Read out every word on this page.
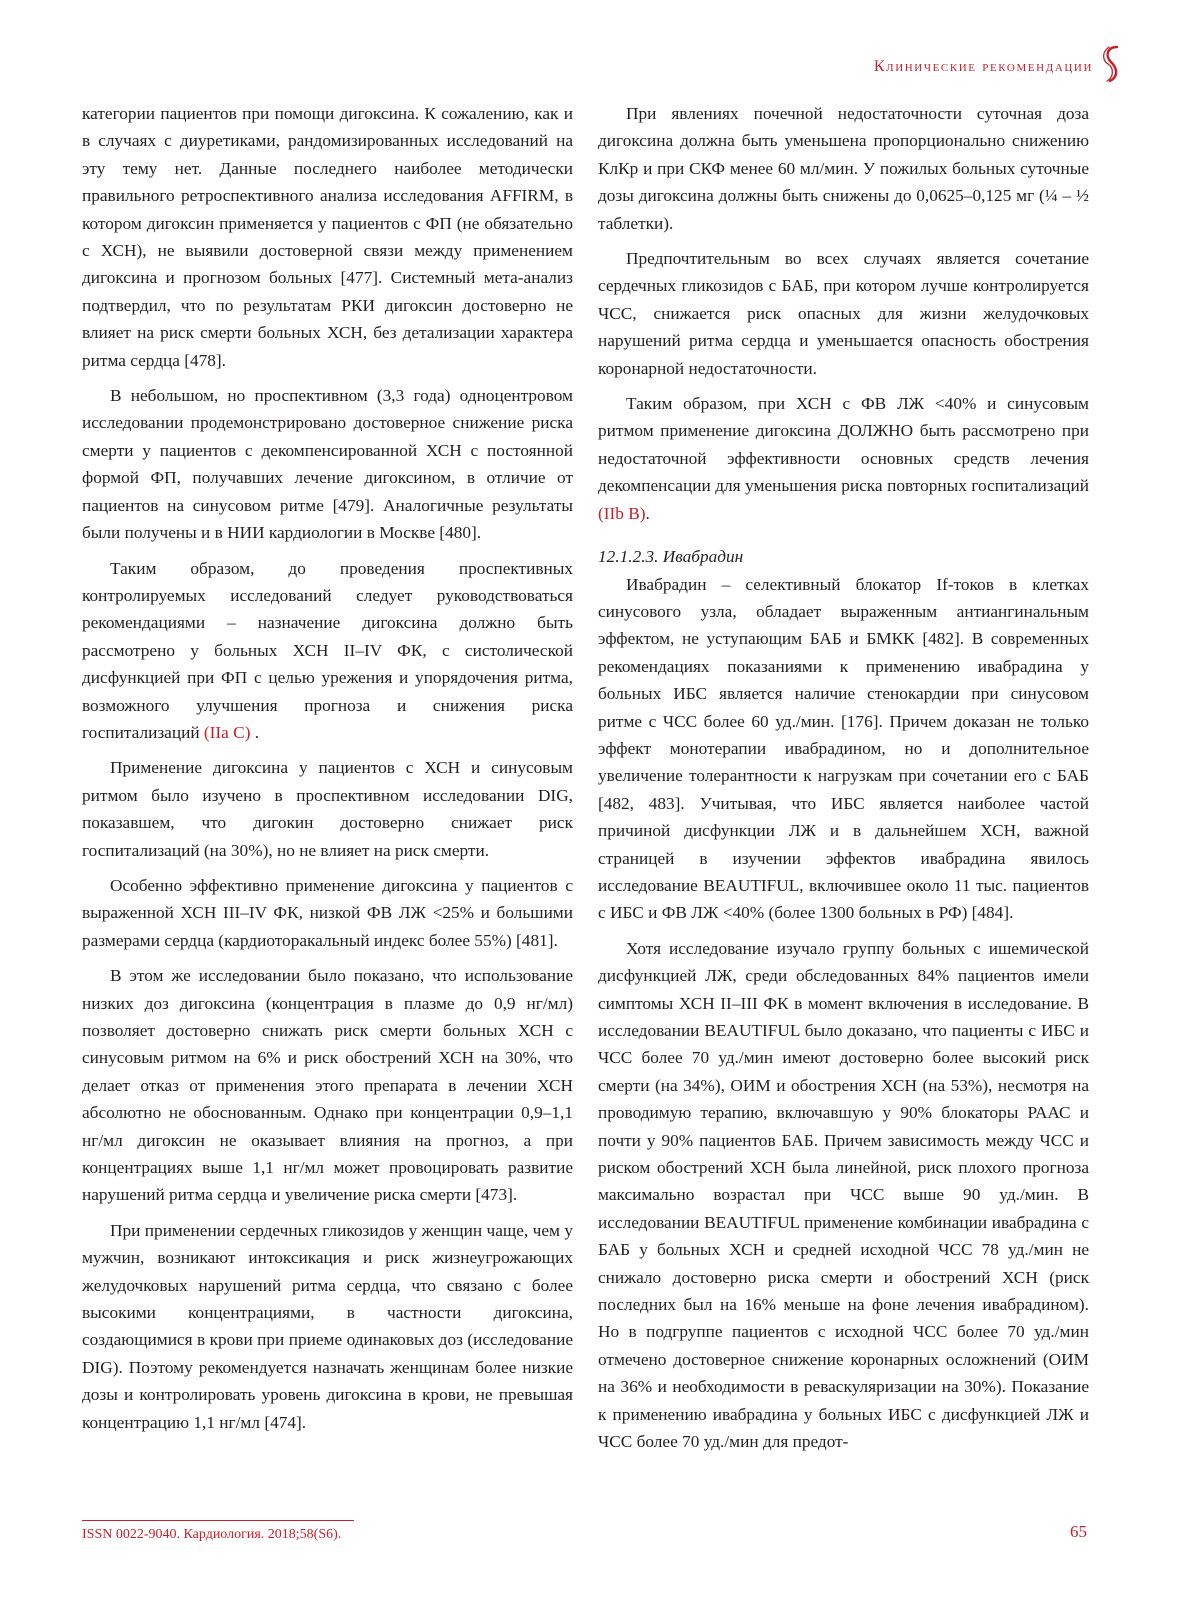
Клинические рекомендации

категории пациентов при помощи дигоксина. К сожалению, как и в случаях с диуретиками, рандомизированных исследований на эту тему нет. Данные последнего наиболее методически правильного ретроспективного анализа исследования AFFIRM, в котором дигоксин применяется у пациентов с ФП (не обязательно с ХСН), не выявили достоверной связи между применением дигоксина и прогнозом больных [477]. Системный мета-анализ подтвердил, что по результатам РКИ дигоксин достоверно не влияет на риск смерти больных ХСН, без детализации характера ритма сердца [478].

В небольшом, но проспективном (3,3 года) одноцентровом исследовании продемонстрировано достоверное снижение риска смерти у пациентов с декомпенсированной ХСН с постоянной формой ФП, получавших лечение дигоксином, в отличие от пациентов на синусовом ритме [479]. Аналогичные результаты были получены и в НИИ кардиологии в Москве [480].

Таким образом, до проведения проспективных контролируемых исследований следует руководствоваться рекомендациями – назначение дигоксина должно быть рассмотрено у больных ХСН II–IV ФК, с систолической дисфункцией при ФП с целью урежения и упорядочения ритма, возможного улучшения прогноза и снижения риска госпитализаций (IIa C) .

Применение дигоксина у пациентов с ХСН и синусовым ритмом было изучено в проспективном исследовании DIG, показавшем, что дигокин достоверно снижает риск госпитализаций (на 30%), но не влияет на риск смерти.

Особенно эффективно применение дигоксина у пациентов с выраженной ХСН III–IV ФК, низкой ФВ ЛЖ <25% и большими размерами сердца (кардиоторакальный индекс более 55%) [481].

В этом же исследовании было показано, что использование низких доз дигоксина (концентрация в плазме до 0,9 нг/мл) позволяет достоверно снижать риск смерти больных ХСН с синусовым ритмом на 6% и риск обострений ХСН на 30%, что делает отказ от применения этого препарата в лечении ХСН абсолютно не обоснованным. Однако при концентрации 0,9–1,1 нг/мл дигоксин не оказывает влияния на прогноз, а при концентрациях выше 1,1 нг/мл может провоцировать развитие нарушений ритма сердца и увеличение риска смерти [473].

При применении сердечных гликозидов у женщин чаще, чем у мужчин, возникают интоксикация и риск жизнеугрожающих желудочковых нарушений ритма сердца, что связано с более высокими концентрациями, в частности дигоксина, создающимися в крови при приеме одинаковых доз (исследование DIG). Поэтому рекомендуется назначать женщинам более низкие дозы и контролировать уровень дигоксина в крови, не превышая концентрацию 1,1 нг/мл [474].

При явлениях почечной недостаточности суточная доза дигоксина должна быть уменьшена пропорционально снижению КлКр и при СКФ менее 60 мл/мин. У пожилых больных суточные дозы дигоксина должны быть снижены до 0,0625–0,125 мг (¼ – ½ таблетки).

Предпочтительным во всех случаях является сочетание сердечных гликозидов с БАБ, при котором лучше контролируется ЧСС, снижается риск опасных для жизни желудочковых нарушений ритма сердца и уменьшается опасность обострения коронарной недостаточности.

Таким образом, при ХСН с ФВ ЛЖ <40% и синусовым ритмом применение дигоксина ДОЛЖНО быть рассмотрено при недостаточной эффективности основных средств лечения декомпенсации для уменьшения риска повторных госпитализаций (IIb B).

12.1.2.3. Ивабрадин

Ивабрадин – селективный блокатор If-токов в клетках синусового узла, обладает выраженным антиангинальным эффектом, не уступающим БАБ и БМКК [482]. В современных рекомендациях показаниями к применению ивабрадина у больных ИБС является наличие стенокардии при синусовом ритме с ЧСС более 60 уд./мин. [176]. Причем доказан не только эффект монотерапии ивабрадином, но и дополнительное увеличение толерантности к нагрузкам при сочетании его с БАБ [482, 483]. Учитывая, что ИБС является наиболее частой причиной дисфункции ЛЖ и в дальнейшем ХСН, важной страницей в изучении эффектов ивабрадина явилось исследование BEAUTIFUL, включившее около 11 тыс. пациентов с ИБС и ФВ ЛЖ <40% (более 1300 больных в РФ) [484].

Хотя исследование изучало группу больных с ишемической дисфункцией ЛЖ, среди обследованных 84% пациентов имели симптомы ХСН II–III ФК в момент включения в исследование. В исследовании BEAUTIFUL было доказано, что пациенты с ИБС и ЧСС более 70 уд./мин имеют достоверно более высокий риск смерти (на 34%), ОИМ и обострения ХСН (на 53%), несмотря на проводимую терапию, включавшую у 90% блокаторы РААС и почти у 90% пациентов БАБ. Причем зависимость между ЧСС и риском обострений ХСН была линейной, риск плохого прогноза максимально возрастал при ЧСС выше 90 уд./мин. В исследовании BEAUTIFUL применение комбинации ивабрадина с БАБ у больных ХСН и средней исходной ЧСС 78 уд./мин не снижало достоверно риска смерти и обострений ХСН (риск последних был на 16% меньше на фоне лечения ивабрадином). Но в подгруппе пациентов с исходной ЧСС более 70 уд./мин отмечено достоверное снижение коронарных осложнений (ОИМ на 36% и необходимости в реваскуляризации на 30%). Показание к применению ивабрадина у больных ИБС с дисфункцией ЛЖ и ЧСС более 70 уд./мин для предот-

ISSN 0022-9040. Кардиология. 2018;58(S6).	65
